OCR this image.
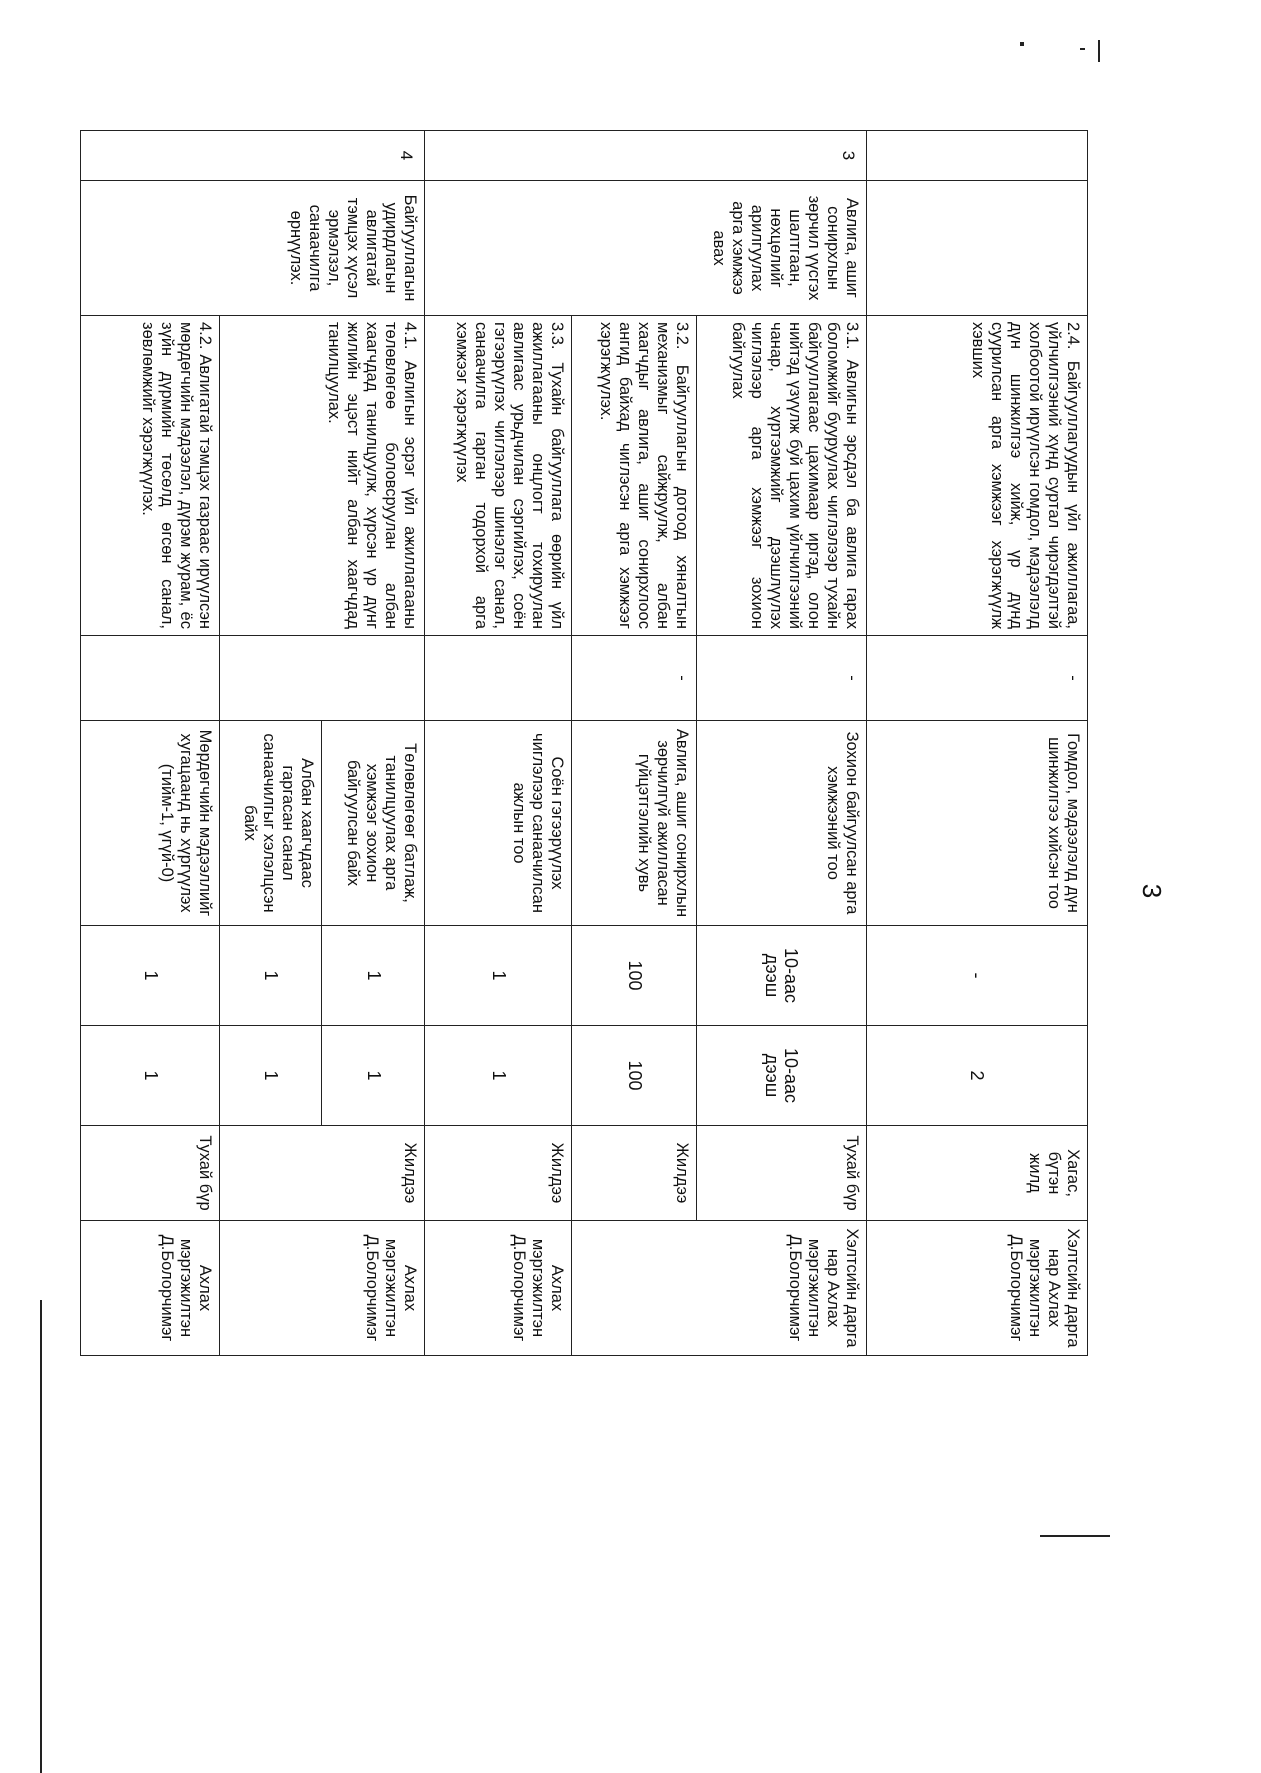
3
		2.4. Байгууллагуудын үйл ажиллагаа, үйлчилгээний хүнд суртал чирэгдэлтэй холбоотой ирүүлсэн гомдол, мэдээлэлд дүн шинжилгээ хийж, үр дүнд суурилсан арга хэмжээг хэрэгжүүлж хэвших	-	Гомдол, мэдээлэлд дүн шинжилгээ хийсэн тоо	-	2	Хагас, бүтэн жилд	Хэлтсийн дарга нар Ахлах мэргэжилтэн Д.Болорчимэг
3	Авлига, ашиг сонирхлын зөрчил үүсгэх шалтгаан, нөхцөлийг арилгуулах арга хэмжээ авах	3.1. Авлигын эрсдэл ба авлига гарах боломжийг бууруулах чиглэлээр тухайн байгууллагаас цахимаар иргэд, олон нийтэд үзүүлж буй цахим үйлчилгээний чанар, хүртээмжийг дээшлүүлэх чиглэлээр арга хэмжээг зохион байгуулах	-	Зохион байгуулсан арга хэмжээний тоо	10-аас дээш	10-аас дээш	Тухай бүр	Хэлтсийн дарга нар Ахлах мэргэжилтэн Д.Болорчимэг
		3.2. Байгууллагын дотоод хяналтын механизмыг сайжруулж, албан хаагчдыг авлига, ашиг сонирхлоос ангид байхад чиглэсэн арга хэмжээг хэрэгжүүлэх.	-	Авлига, ашиг сонирхлын зөрчилгүй ажилласан гүйцэтгэлийн хувь	100	100	Жилдээ	
		3.3. Тухайн байгууллага өөрийн үйл ажиллагааны онцлогт тохируулан авлигаас урьдчилан сэргийлэх, соён гэгээрүүлэх чиглэлээр шинэлэг санал, санаачилга гарган тодорхой арга хэмжээг хэрэгжүүлэх		Соён гэгээрүүлэх чиглэлээр санаачилсан ажлын тоо	1	1	Жилдээ	Ахлах мэргэжилтэн Д.Болорчимэг
4	Байгууллагын удирдлагын авлигатай тэмцэх хүсэл эрмэлзэл, санаачилга өрнүүлэх.	4.1. Авлигын эсрэг үйл ажиллагааны төлөвлөгөө боловсруулан албан хаагчдад танилцуулж, хүрсэн үр дүнг жилийн эцэст нийт албан хаагчдад танилцуулах.		Төлөвлөгөөг батлаж, танилцуулах арга хэмжээг зохион байгуулсан байх	1	1	Жилдээ	Ахлах мэргэжилтэн Д.Болорчимэг
				Албан хаагчдаас гаргасан санал санаачилгыг хэлэлцсэн байх	1	1		
		4.2. Авлигатай тэмцэх газраас ирүүлсэн мөрдөгчийн мэдээлэл, дүрэм журам, ёс зүйн дүрмийн төсөлд өгсөн санал, зөвлөмжийг хэрэгжүүлэх.		Мөрдөгчийн мэдээллийг хугацаанд нь хүргүүлэх (тийм-1, үгүй-0)	1	1	Тухай бүр	Ахлах мэргэжилтэн Д.Болорчимэг
